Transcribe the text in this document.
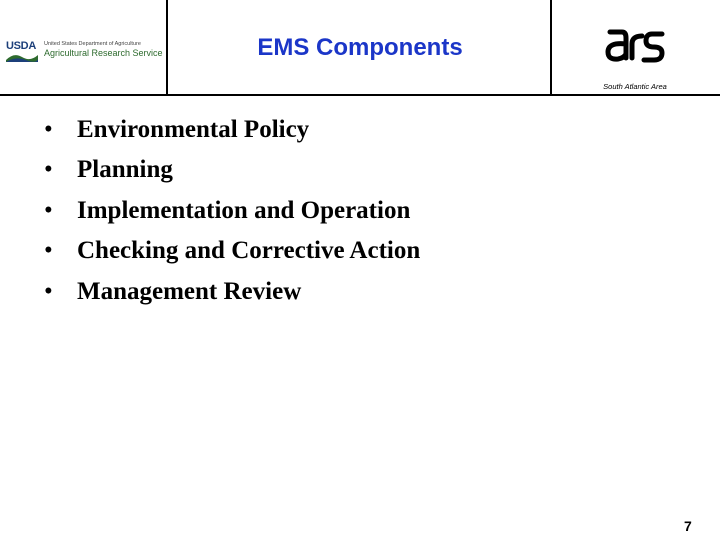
USDA United States Department of Agriculture
Agricultural Research Service	EMS Components
South Atlantic Area
• Environmental Policy
• Planning
• Implementation and Operation
• Checking and Corrective Action
• Management Review
7
